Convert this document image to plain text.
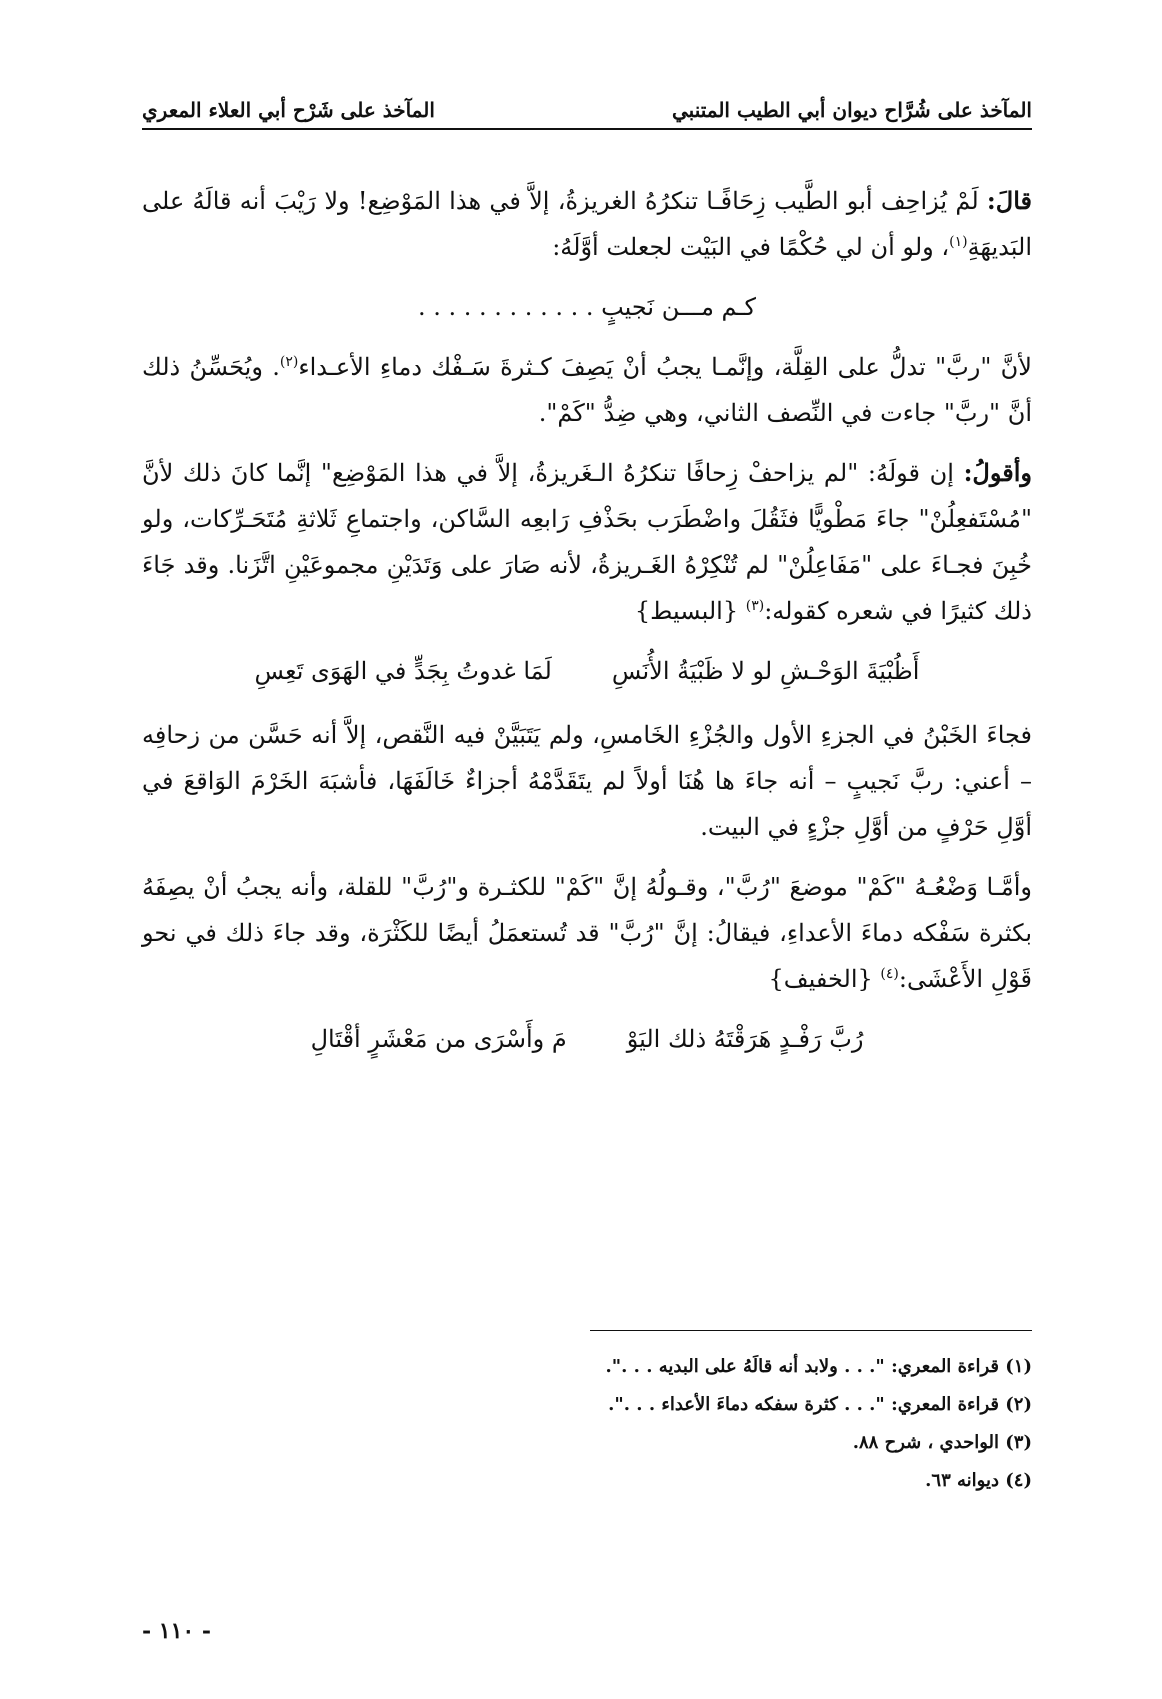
المآخذ على شُرَّاح ديوان أبي الطيب المتنبي
المآخذ على شَرْح أبي العلاء المعري

قالَ: لَمْ يُزاحِف أبو الطَّيب زِحَافًـا تنكرُهُ الغريزةُ، إلاَّ في هذا المَوْضِع! ولا رَيْبَ أنه قالَهُ على البَديهَةِ$^{(١)}$، ولو أن لي حُكْمًا في البَيْت لجعلت أوَّلَهُ:

كـم مـــن نَجيبٍ . . . . . . . . . . . .

لأنَّ "ربَّ" تدلُّ على القِلَّة، وإنَّمـا يجبُ أنْ يَصِفَ كـثرةَ سَـفْك دماءِ الأعـداء$^{(٢)}$. ويُحَسِّنُ ذلك أنَّ "ربَّ" جاءت في النِّصف الثاني، وهي ضِدُّ "كَمْ".

وأقولُ: إن قولَهُ: "لم يزاحفْ زِحافًا تنكرُهُ الـغَريزةُ، إلاَّ في هذا المَوْضِع" إنَّما كانَ ذلك لأنَّ "مُسْتَفعِلُنْ" جاءَ مَطْويًّا فثَقُلَ واضْطَرَب بحَذْفِ رَابعِه السَّاكن، واجتماعِ ثَلاثةِ مُتَحَـرِّكات، ولو خُبِنَ فجـاءَ على "مَفَاعِلُنْ" لم تُنْكِرْهُ الغَـريزةُ، لأنه صَارَ على وَتَدَيْنِ مجموعَيْنِ اتَّزَنا. وقد جَاءَ ذلك كثيرًا في شعره كقوله:$^{(٣)}$ {البسيط}

أَظُبْيَةَ الوَحْـشِ لو لا ظَبْيَةُ الأُنَسِ
لَمَا غدوتُ بِجَدٍّ في الهَوَى تَعِسِ

فجاءَ الخَبْنُ في الجزءِ الأول والجُزْءِ الخَامسِ، ولم يَتَبَيَّنْ فيه النَّقص، إلاَّ أنه حَسَّن من زحافِه – أعني: ربَّ نَجيبٍ – أنه جاءَ ها هُنَا أولاً لم يتَقَدَّمْهُ أجزاءٌ خَالَفَهَا، فأشبَهَ الخَرْمَ الوَاقعَ في أوَّلِ حَرْفٍ من أوَّلِ جزْءٍ في البيت.

وأمَّـا وَضْعُـهُ "كَمْ" موضعَ "رُبَّ"، وقـولُهُ إنَّ "كَمْ" للكثـرة و"رُبَّ" للقلة، وأنه يجبُ أنْ يصِفَهُ بكثرة سَفْكه دماءَ الأعداءِ، فيقالُ: إنَّ "رُبَّ" قد تُستعمَلُ أيضًا للكَثْرَة، وقد جاءَ ذلك في نحو قَوْلِ الأَعْشَى:$^{(٤)}$ {الخفيف}

رُبَّ رَفْـدٍ هَرَقْتَهُ ذلك اليَوْ
مَ وأَسْرَى من مَعْشَرٍ أقْتَالِ
(١) قراءة المعري: ". . . ولابد أنه قالَهُ على البديه . . .".
(٢) قراءة المعري: ". . . كثرة سفكه دماءَ الأعداء . . .".
(٣) الواحدي ، شرح ٨٨.
(٤) ديوانه ٦٣.
- ١١٠ -
